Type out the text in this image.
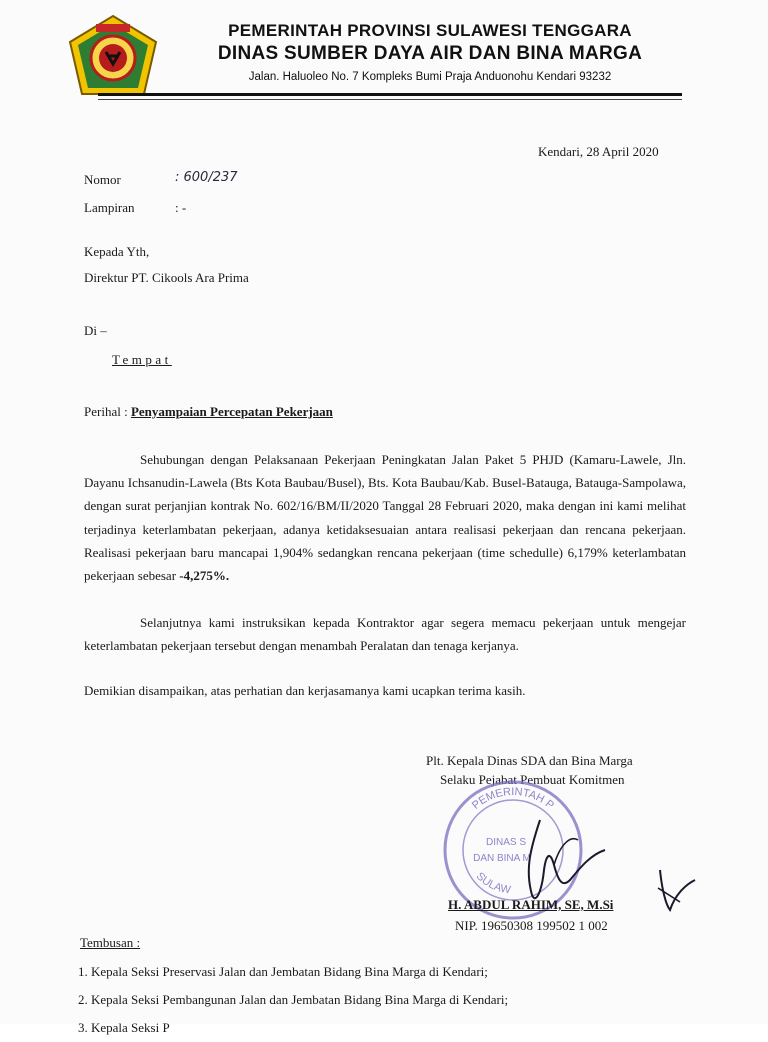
PEMERINTAH PROVINSI SULAWESI TENGGARA
DINAS SUMBER DAYA AIR DAN BINA MARGA
Jalan. Haluoleo No. 7 Kompleks Bumi Praja Anduonohu Kendari 93232
Kendari, 28 April 2020
Nomor	: 600/237
Lampiran	: -
Kepada Yth,
Direktur PT. Cikools Ara Prima
Di –
Tempat
Perihal : Penyampaian Percepatan Pekerjaan

Sehubungan dengan Pelaksanaan Pekerjaan Peningkatan Jalan Paket 5 PHJD (Kamaru-Lawele, Jln. Dayanu Ichsanudin-Lawela (Bts Kota Baubau/Busel), Bts. Kota Baubau/Kab. Busel-Batauga, Batauga-Sampolawa, dengan surat perjanjian kontrak No. 602/16/BM/II/2020 Tanggal 28 Februari 2020, maka dengan ini kami melihat terjadinya keterlambatan pekerjaan, adanya ketidaksesuaian antara realisasi pekerjaan dan rencana pekerjaan. Realisasi pekerjaan baru mancapai 1,904% sedangkan rencana pekerjaan (time schedulle) 6,179% keterlambatan pekerjaan sebesar -4,275%.

Selanjutnya kami instruksikan kepada Kontraktor agar segera memacu pekerjaan untuk mengejar keterlambatan pekerjaan tersebut dengan menambah Peralatan dan tenaga kerjanya.

Demikian disampaikan, atas perhatian dan kerjasamanya kami ucapkan terima kasih.
Plt. Kepala Dinas SDA dan Bina Marga
Selaku Pejabat Pembuat Komitmen
PEMERINTAH P
DINAS S
DAN BINA M
SULAW
H. ABDUL RAHIM, SE, M.Si
NIP. 19650308 199502 1 002
Tembusan :
1. Kepala Seksi Preservasi Jalan dan Jembatan Bidang Bina Marga di Kendari;
2. Kepala Seksi Pembangunan Jalan dan Jembatan Bidang Bina Marga di Kendari;
3. Kepala Seksi P
